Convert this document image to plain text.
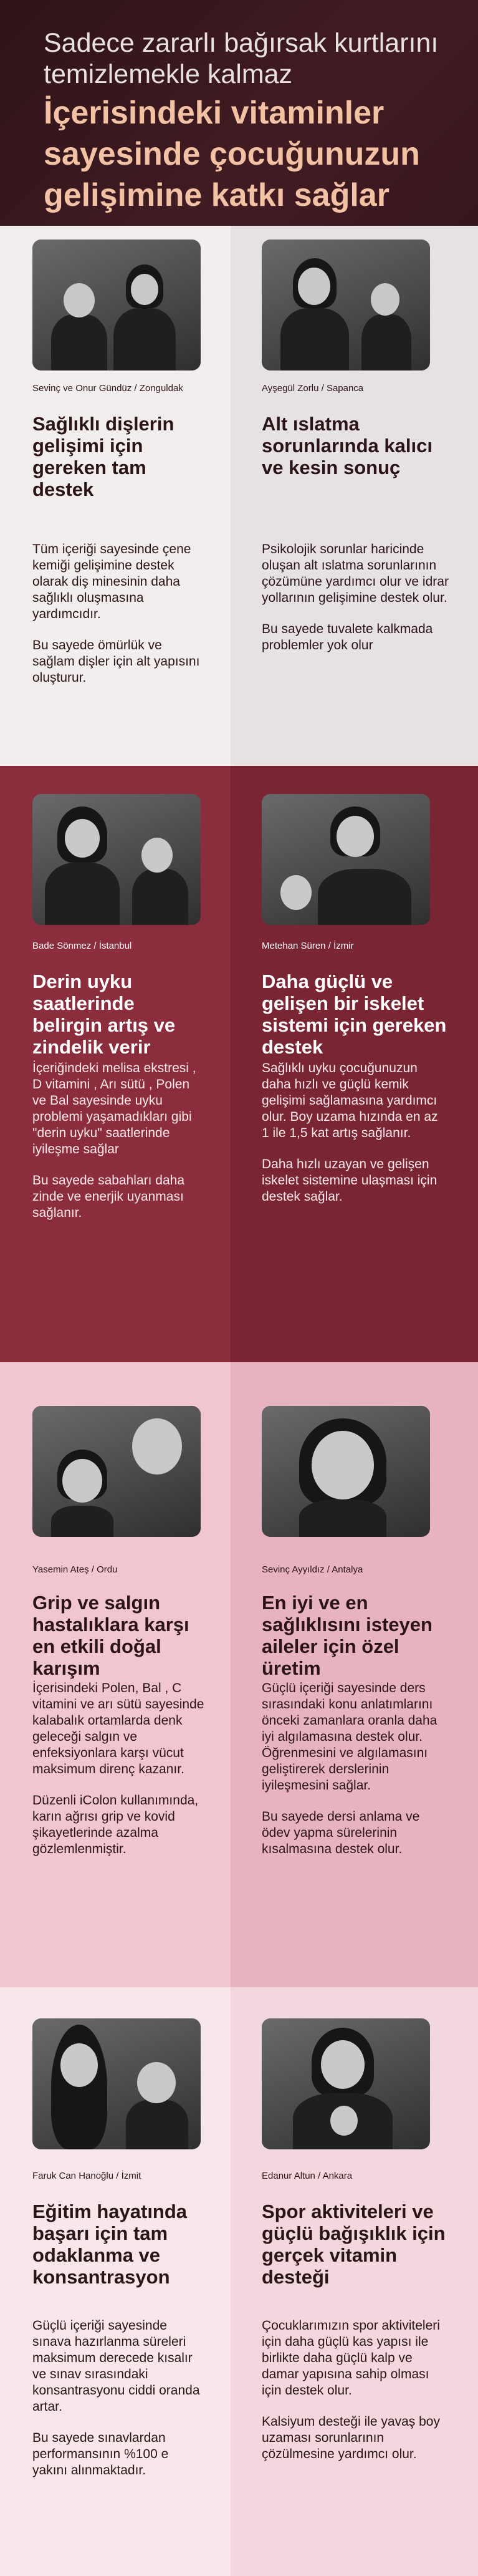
Sadece zararlı bağırsak kurtlarını temizlemekle kalmaz

İçerisindeki vitaminler sayesinde çocuğunuzun gelişimine katkı sağlar
Sevinç ve Onur Gündüz / Zonguldak
Sağlıklı dişlerin gelişimi için gereken tam destek

Tüm içeriği sayesinde çene kemiği gelişimine destek olarak diş minesinin daha sağlıklı oluşmasına yardımcıdır.

Bu sayede ömürlük ve sağlam dişler için alt yapısını oluşturur.

Ayşegül Zorlu / Sapanca
Alt ıslatma sorunlarında kalıcı ve kesin sonuç

Psikolojik sorunlar haricinde oluşan alt ıslatma sorunlarının çözümüne yardımcı olur ve idrar yollarının gelişimine destek olur.

Bu sayede tuvalete kalkmada problemler yok olur

Bade Sönmez / İstanbul
Derin uyku saatlerinde belirgin artış ve zindelik verir

İçeriğindeki melisa ekstresi , D vitamini , Arı sütü , Polen ve Bal sayesinde uyku problemi yaşamadıkları gibi "derin uyku" saatlerinde iyileşme sağlar

Bu sayede sabahları daha zinde ve enerjik uyanması sağlanır.

Metehan Süren / İzmir
Daha güçlü ve gelişen bir iskelet sistemi için gereken destek

Sağlıklı uyku çocuğunuzun daha hızlı ve güçlü kemik gelişimi sağlamasına yardımcı olur. Boy uzama hızında en az 1 ile 1,5 kat artış sağlanır.

Daha hızlı uzayan ve gelişen iskelet sistemine ulaşması için destek sağlar.

Yasemin Ateş / Ordu
Grip ve salgın hastalıklara karşı en etkili doğal karışım

İçerisindeki Polen, Bal , C vitamini ve arı sütü sayesinde kalabalık ortamlarda denk geleceği salgın ve enfeksiyonlara karşı vücut maksimum direnç kazanır.

Düzenli iColon kullanımında, karın ağrısı grip ve kovid şikayetlerinde azalma gözlemlenmiştir.

Sevinç Ayyıldız / Antalya
En iyi ve en sağlıklısını isteyen aileler için özel üretim

Güçlü içeriği sayesinde ders sırasındaki konu anlatımlarını önceki zamanlara oranla daha iyi algılamasına destek olur. Öğrenmesini ve algılamasını geliştirerek derslerinin iyileşmesini sağlar.

Bu sayede dersi anlama ve ödev yapma sürelerinin kısalmasına destek olur.

Faruk Can Hanoğlu / İzmit
Eğitim hayatında başarı için tam odaklanma ve konsantrasyon

Güçlü içeriği sayesinde sınava hazırlanma süreleri maksimum derecede kısalır ve sınav sırasındaki konsantrasyonu ciddi oranda artar.

Bu sayede sınavlardan performansının %100 e yakını alınmaktadır.

Edanur Altun / Ankara
Spor aktiviteleri ve güçlü bağışıklık için gerçek vitamin desteği

Çocuklarımızın spor aktiviteleri için daha güçlü kas yapısı ile birlikte daha güçlü kalp ve damar yapısına sahip olması için destek olur.

Kalsiyum desteği ile yavaş boy uzaması sorunlarının çözülmesine yardımcı olur.
